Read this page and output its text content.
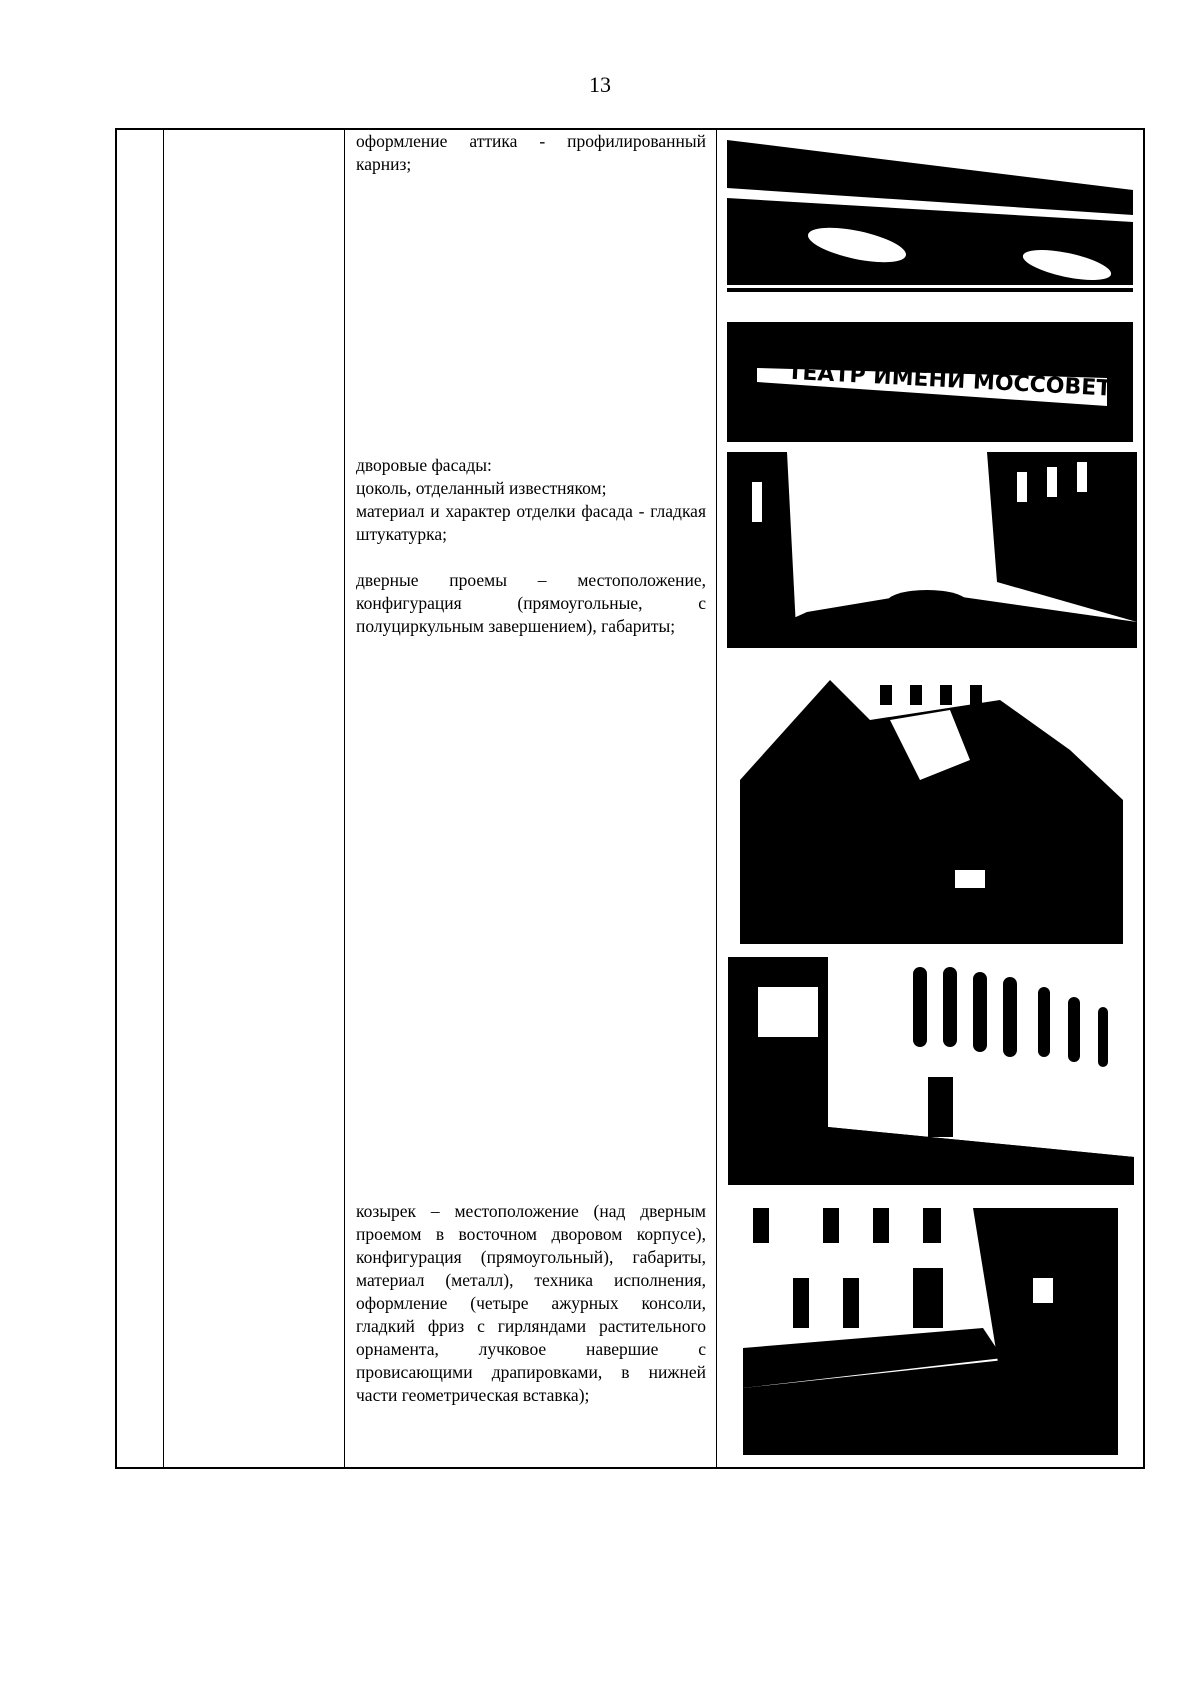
13

оформление аттика - профилированный карниз;

дворовые фасады:

цоколь, отделанный известняком;

материал и характер отделки фасада - гладкая штукатурка;

дверные проемы – местоположение, конфигурация (прямоугольные, с полуциркульным завершением), габариты;

козырек – местоположение (над дверным проемом в восточном дворовом корпусе), конфигурация (прямоугольный), габариты, материал (металл), техника исполнения, оформление (четыре ажурных консоли, гладкий фриз с гирляндами растительного орнамента, лучковое навершие с провисающими драпировками, в нижней части геометрическая вставка);

ТЕАТР ИМЕНИ МОССОВЕТА
